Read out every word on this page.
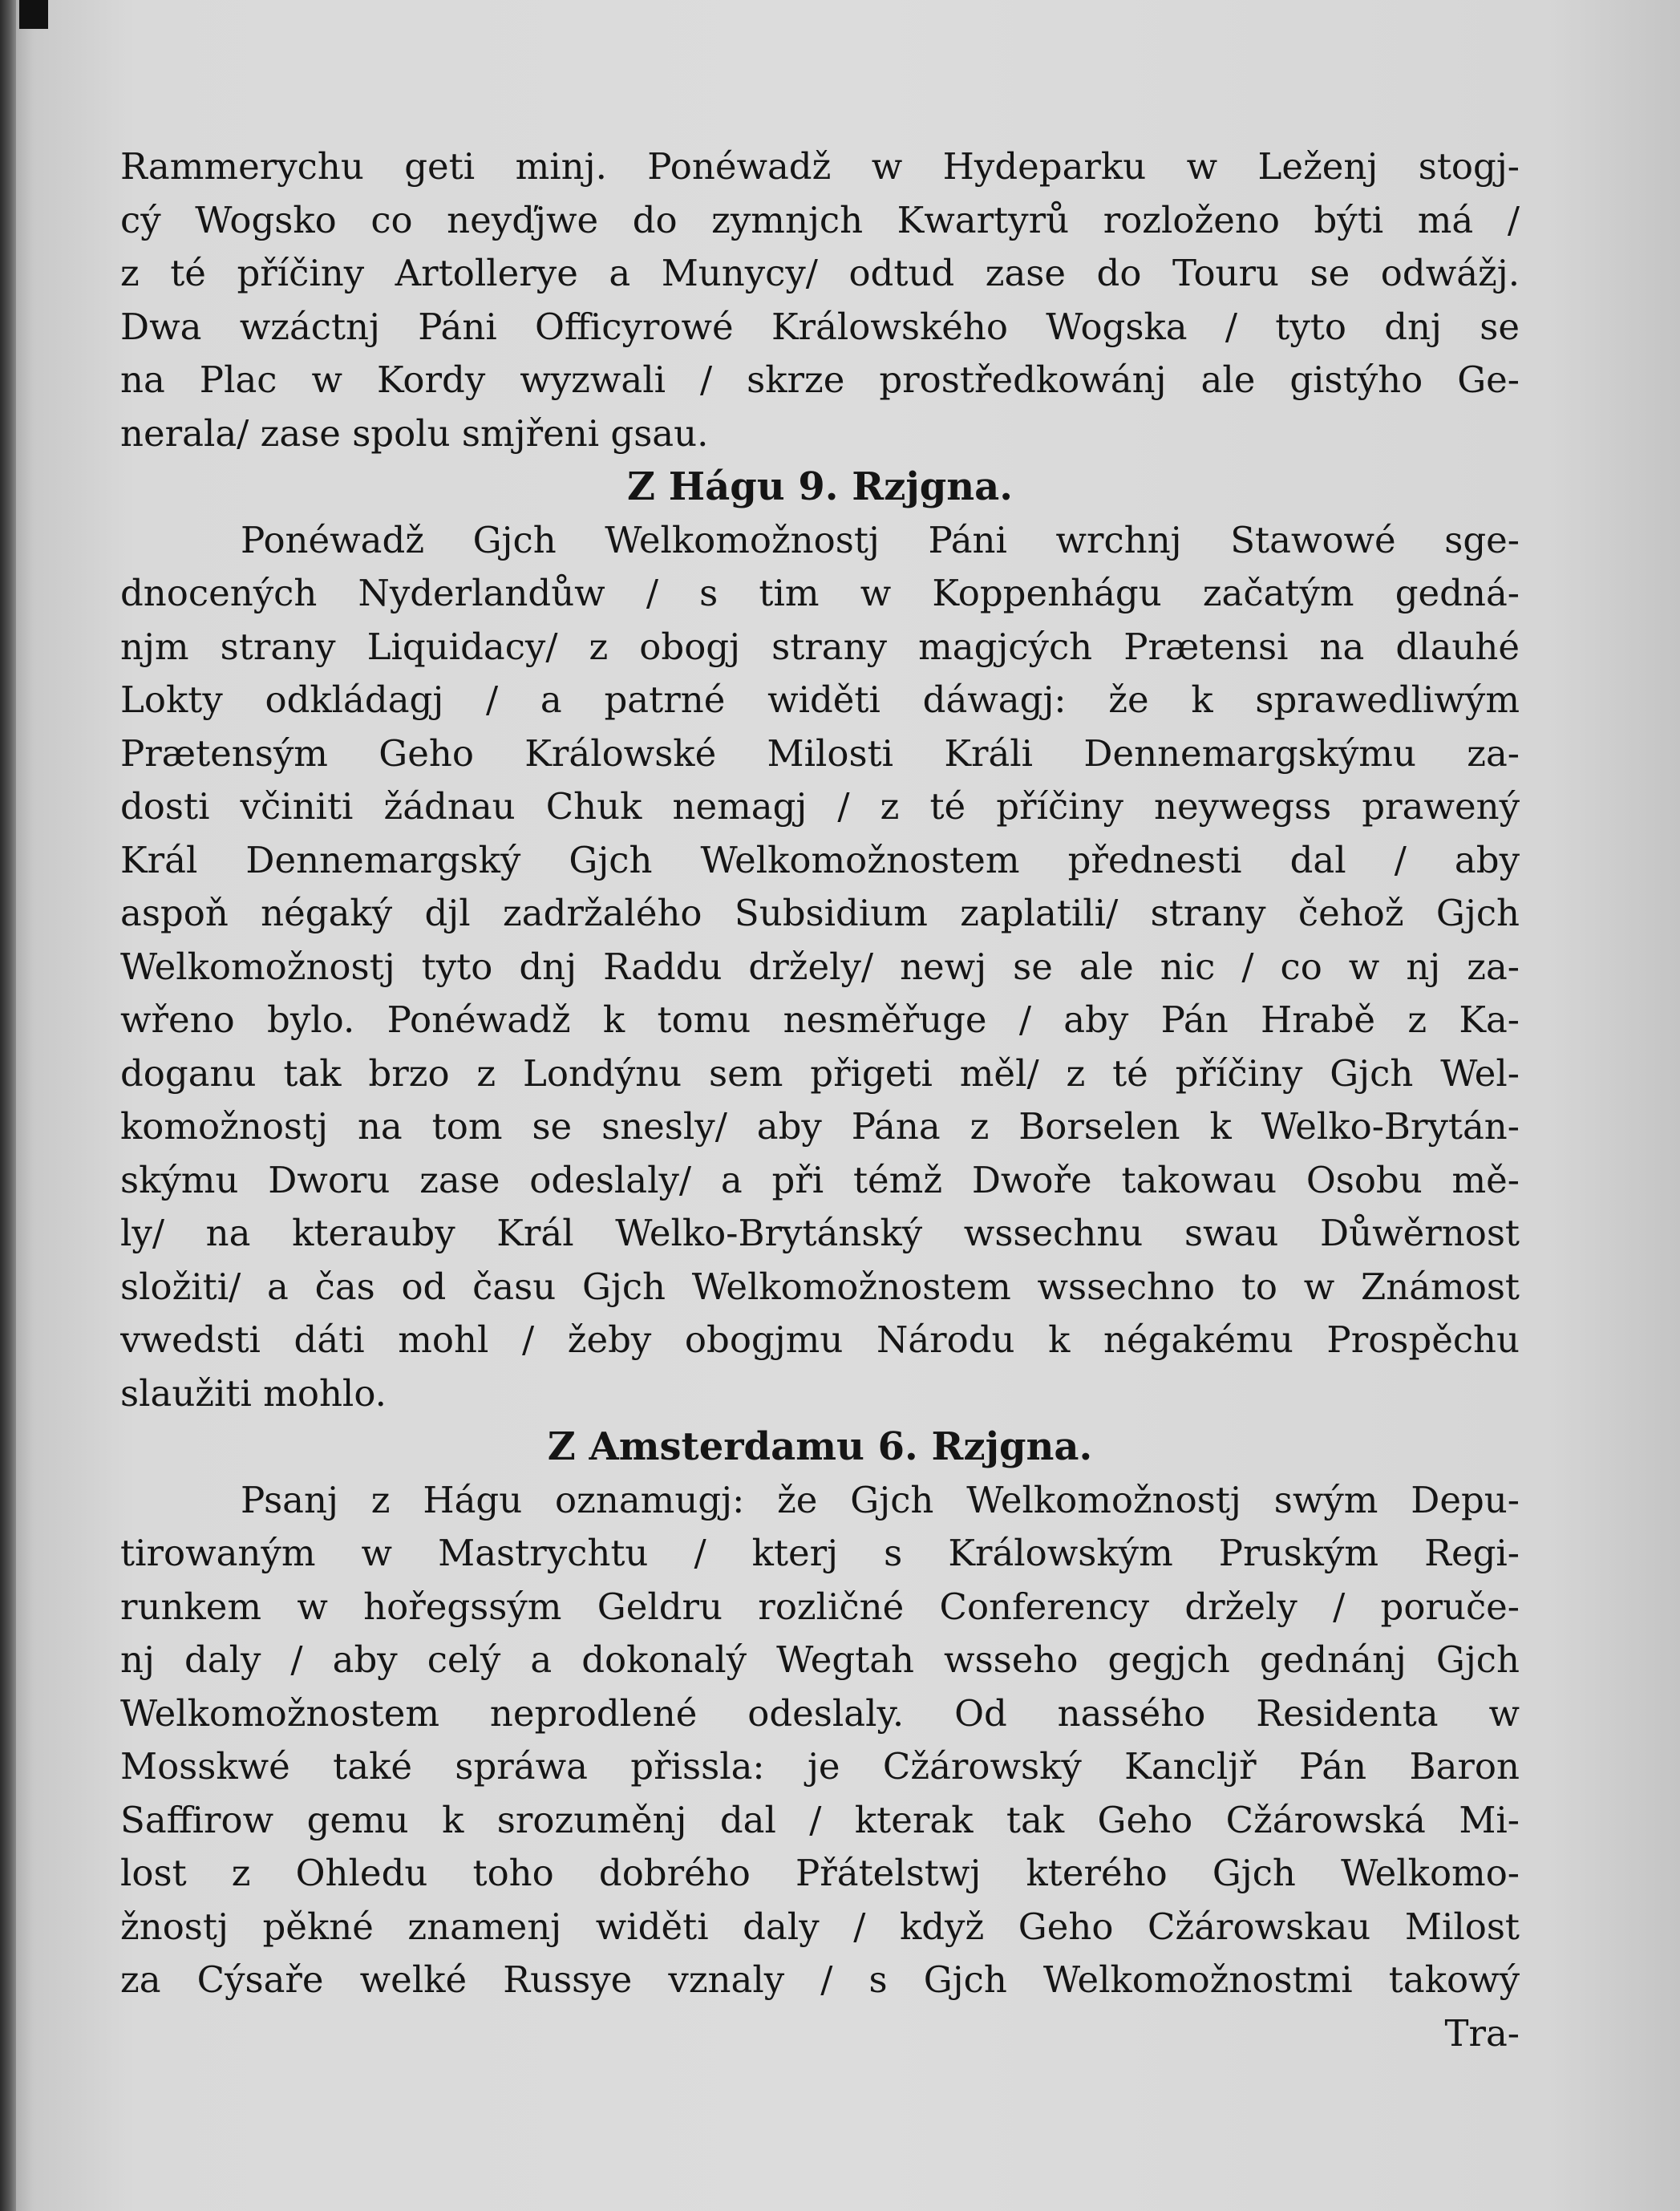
Rammerychu geti minj. Ponéwadž w Hydeparku w Leženj stogj-
cý Wogsko co neyďjwe do zymnjch Kwartyrů rozloženo býti má /
z té příčiny Artollerye a Munycy/ odtud zase do Touru se odwážj.
Dwa wzáctnj Páni Officyrowé Králowského Wogska / tyto dnj se
na Plac w Kordy wyzwali / skrze prostředkowánj ale gistýho Ge-
nerala/ zase spolu smjřeni gsau.
Z Hágu 9. Rzjgna.
Ponéwadž Gjch Welkomožnostj Páni wrchnj Stawowé sge-
dnocených Nyderlandůw / s tim w Koppenhágu začatým gedná-
njm strany Liquidacy/ z obogj strany magjcých Prætensi na dlauhé
Lokty odkládagj / a patrné widěti dáwagj: že k sprawedliwým
Prætensým Geho Králowské Milosti Králi Dennemargskýmu za-
dosti včiniti žádnau Chuk nemagj / z té příčiny neywegss prawený
Král Dennemargský Gjch Welkomožnostem přednesti dal / aby
aspoň négaký djl zadržalého Subsidium zaplatili/ strany čehož Gjch
Welkomožnostj tyto dnj Raddu držely/ newj se ale nic / co w nj za-
wřeno bylo. Ponéwadž k tomu nesměřuge / aby Pán Hrabě z Ka-
doganu tak brzo z Londýnu sem přigeti měl/ z té příčiny Gjch Wel-
komožnostj na tom se snesly/ aby Pána z Borselen k Welko-Brytán-
skýmu Dworu zase odeslaly/ a při témž Dwoře takowau Osobu mě-
ly/ na kterauby Král Welko-Brytánský wssechnu swau Důwěrnost
složiti/ a čas od času Gjch Welkomožnostem wssechno to w Známost
vwedsti dáti mohl / žeby obogjmu Národu k négakému Prospěchu
slaužiti mohlo.
Z Amsterdamu 6. Rzjgna.
Psanj z Hágu oznamugj: že Gjch Welkomožnostj swým Depu-
tirowaným w Mastrychtu / kterj s Králowským Pruským Regi-
runkem w hořegssým Geldru rozličné Conferency držely / poruče-
nj daly / aby celý a dokonalý Wegtah wsseho gegjch gednánj Gjch
Welkomožnostem neprodlené odeslaly. Od nassého Residenta w
Mosskwé také spráwa přissla: je Cžárowský Kancljř Pán Baron
Saffirow gemu k srozuměnj dal / kterak tak Geho Cžárowská Mi-
lost z Ohledu toho dobrého Přátelstwj kterého Gjch Welkomo-
žnostj pěkné znamenj widěti daly / když Geho Cžárowskau Milost
za Cýsaře welké Russye vznaly / s Gjch Welkomožnostmi takowý
Tra-
